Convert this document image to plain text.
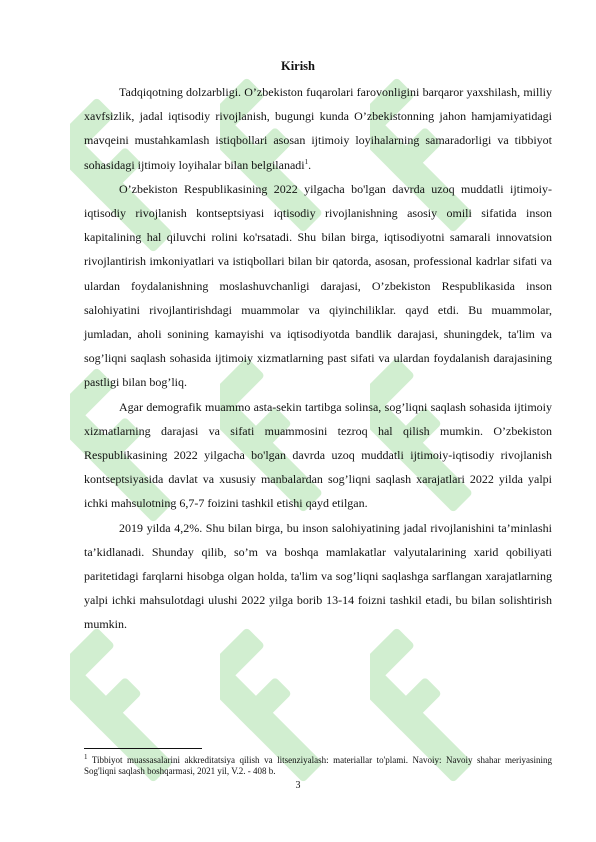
Kirish

Tadqiqotning dolzarbligi. O’zbekiston fuqarolari farovonligini barqaror yaxshilash, milliy xavfsizlik, jadal iqtisodiy rivojlanish, bugungi kunda O’zbekistonning jahon hamjamiyatidagi mavqeini mustahkamlash istiqbollari asosan ijtimoiy loyihalarning samaradorligi va tibbiyot sohasidagi ijtimoiy loyihalar bilan belgilanadi$^1$.

O’zbekiston Respublikasining 2022 yilgacha bo'lgan davrda uzoq muddatli ijtimoiy-iqtisodiy rivojlanish kontseptsiyasi iqtisodiy rivojlanishning asosiy omili sifatida inson kapitalining hal qiluvchi rolini ko'rsatadi. Shu bilan birga, iqtisodiyotni samarali innovatsion rivojlantirish imkoniyatlari va istiqbollari bilan bir qatorda, asosan, professional kadrlar sifati va ulardan foydalanishning moslashuvchanligi darajasi, O’zbekiston Respublikasida inson salohiyatini rivojlantirishdagi muammolar va qiyinchiliklar. qayd etdi. Bu muammolar, jumladan, aholi sonining kamayishi va iqtisodiyotda bandlik darajasi, shuningdek, ta'lim va sog’liqni saqlash sohasida ijtimoiy xizmatlarning past sifati va ulardan foydalanish darajasining pastligi bilan bog’liq.

Agar demografik muammo asta-sekin tartibga solinsa, sog’liqni saqlash sohasida ijtimoiy xizmatlarning darajasi va sifati muammosini tezroq hal qilish mumkin. O’zbekiston Respublikasining 2022 yilgacha bo'lgan davrda uzoq muddatli ijtimoiy-iqtisodiy rivojlanish kontseptsiyasida davlat va xususiy manbalardan sog’liqni saqlash xarajatlari 2022 yilda yalpi ichki mahsulotning 6,7-7 foizini tashkil etishi qayd etilgan.

2019 yilda 4,2%. Shu bilan birga, bu inson salohiyatining jadal rivojlanishini ta’minlashi ta’kidlanadi. Shunday qilib, so’m va boshqa mamlakatlar valyutalarining xarid qobiliyati paritetidagi farqlarni hisobga olgan holda, ta'lim va sog’liqni saqlashga sarflangan xarajatlarning yalpi ichki mahsulotdagi ulushi 2022 yilga borib 13-14 foizni tashkil etadi, bu bilan solishtirish mumkin.

$^1$ Tibbiyot muassasalarini akkreditatsiya qilish va litsenziyalash: materiallar to'plami. Navoiy: Navoiy shahar meriyasining Sog'liqni saqlash boshqarmasi, 2021 yil, V.2. - 408 b.
3
